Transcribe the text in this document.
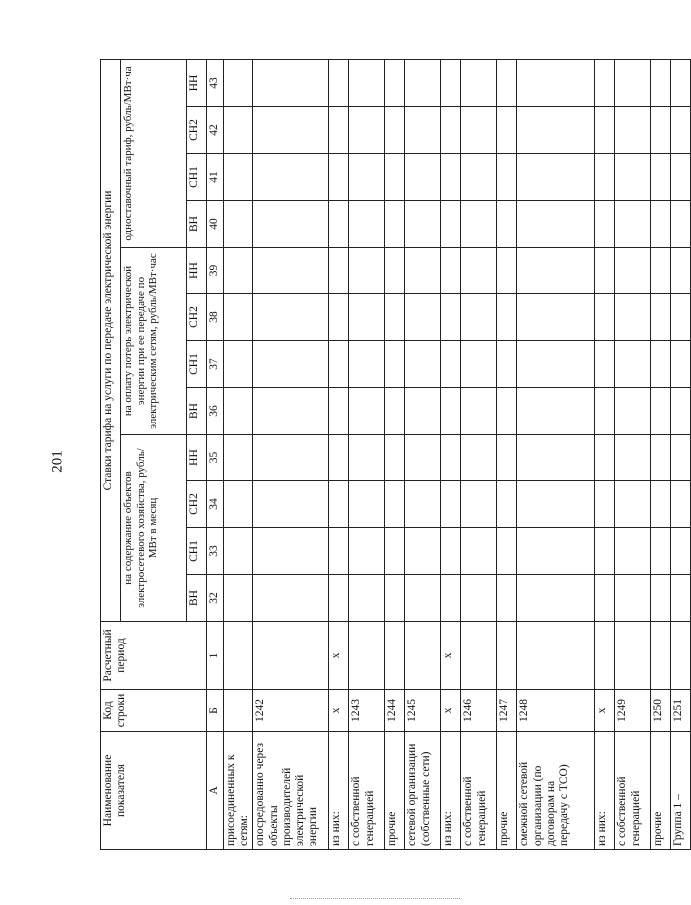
201
Наименование показателя	Код строки	Расчетный период	Ставки тарифа на услуги по передаче электрической энергии											
			на содержание объектов электросетевого хозяйства, рубль/МВт в месяц				на оплату потерь электрической энергии при ее передаче по электрическим сетям, рубль/МВт·час				одноставочный тариф, рубль/МВт·ча			
			ВН	СН1	СН2	НН	ВН	СН1	СН2	НН	ВН	СН1	СН2	НН
А	Б	1	32	33	34	35	36	37	38	39	40	41	42	43
присоединенных к сетям:														
опосредованно через объекты производителей электрической энергии	1242													
из них:	х	х												
с собственной генерацией	1243													
прочие	1244													
сетевой организации (собственные сети)	1245													
из них:	х	х												
с собственной генерацией	1246													
прочие	1247													
смежной сетевой организации (по договорам на передачу с ТСО)	1248													
из них:	х													
с собственной генерацией	1249													
прочие	1250													
Группа 1 –	1251													
